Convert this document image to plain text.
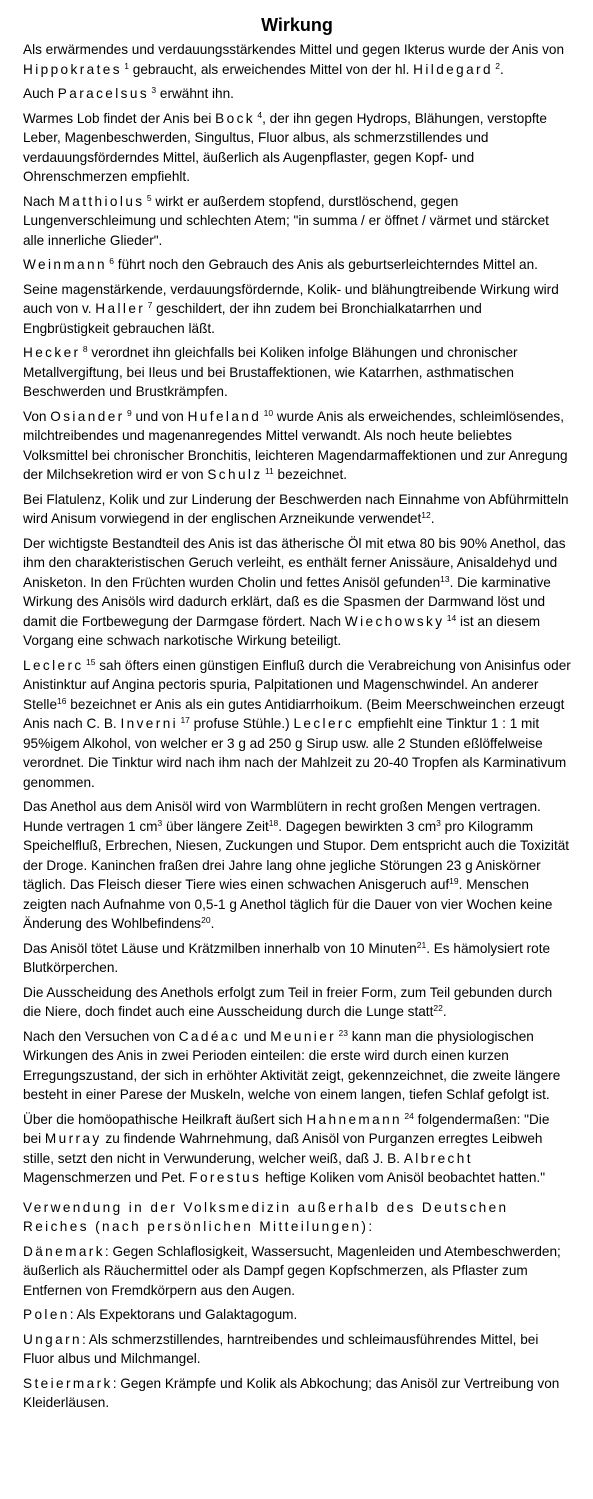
Wirkung

Als erwärmendes und verdauungsstärkendes Mittel und gegen Ikterus wurde der Anis von Hippokrates $^1$ gebraucht, als erweichendes Mittel von der hl. Hildegard $^2$.

Auch Paracelsus $^3$ erwähnt ihn.

Warmes Lob findet der Anis bei Bock $^4$, der ihn gegen Hydrops, Blähungen, verstopfte Leber, Magenbeschwerden, Singultus, Fluor albus, als schmerzstillendes und verdauungsförderndes Mittel, äußerlich als Augenpflaster, gegen Kopf- und Ohrenschmerzen empfiehlt.

Nach Matthiolus $^5$ wirkt er außerdem stopfend, durstlöschend, gegen Lungenverschleimung und schlechten Atem; "in summa / er öffnet / värmet und stärcket alle innerliche Glieder".

Weinmann $^6$ führt noch den Gebrauch des Anis als geburtserleichterndes Mittel an.

Seine magenstärkende, verdauungsfördernde, Kolik- und blähungtreibende Wirkung wird auch von v. Haller $^7$ geschildert, der ihn zudem bei Bronchialkatarrhen und Engbrüstigkeit gebrauchen läßt.

Hecker $^8$ verordnet ihn gleichfalls bei Koliken infolge Blähungen und chronischer Metallvergiftung, bei Ileus und bei Brustaffektionen, wie Katarrhen, asthmatischen Beschwerden und Brustkrämpfen.

Von Osiander $^9$ und von Hufeland $^{10}$ wurde Anis als erweichendes, schleimlösendes, milchtreibendes und magenanregendes Mittel verwandt. Als noch heute beliebtes Volksmittel bei chronischer Bronchitis, leichteren Magendarmaffektionen und zur Anregung der Milchsekretion wird er von Schulz $^{11}$ bezeichnet.

Bei Flatulenz, Kolik und zur Linderung der Beschwerden nach Einnahme von Abführmitteln wird Anisum vorwiegend in der englischen Arzneikunde verwendet$^{12}$.

Der wichtigste Bestandteil des Anis ist das ätherische Öl mit etwa 80 bis 90% Anethol, das ihm den charakteristischen Geruch verleiht, es enthält ferner Anissäure, Anisaldehyd und Anisketon. In den Früchten wurden Cholin und fettes Anisöl gefunden$^{13}$. Die karminative Wirkung des Anisöls wird dadurch erklärt, daß es die Spasmen der Darmwand löst und damit die Fortbewegung der Darmgase fördert. Nach Wiechowsky $^{14}$ ist an diesem Vorgang eine schwach narkotische Wirkung beteiligt.

Leclerc $^{15}$ sah öfters einen günstigen Einfluß durch die Verabreichung von Anisinfus oder Anistinktur auf Angina pectoris spuria, Palpitationen und Magenschwindel. An anderer Stelle$^{16}$ bezeichnet er Anis als ein gutes Antidiarrhoikum. (Beim Meerschweinchen erzeugt Anis nach C. B. Inverni $^{17}$ profuse Stühle.) Leclerc empfiehlt eine Tinktur 1 : 1 mit 95%igem Alkohol, von welcher er 3 g ad 250 g Sirup usw. alle 2 Stunden eßlöffelweise verordnet. Die Tinktur wird nach ihm nach der Mahlzeit zu 20-40 Tropfen als Karminativum genommen.

Das Anethol aus dem Anisöl wird von Warmblütern in recht großen Mengen vertragen. Hunde vertragen 1 $cm^3$ über längere Zeit$^{18}$. Dagegen bewirkten 3 $cm^3$ pro Kilogramm Speichelfluß, Erbrechen, Niesen, Zuckungen und Stupor. Dem entspricht auch die Toxizität der Droge. Kaninchen fraßen drei Jahre lang ohne jegliche Störungen 23 g Aniskörner täglich. Das Fleisch dieser Tiere wies einen schwachen Anisgeruch auf$^{19}$. Menschen zeigten nach Aufnahme von 0,5-1 g Anethol täglich für die Dauer von vier Wochen keine Änderung des Wohlbefindens$^{20}$.

Das Anisöl tötet Läuse und Krätzmilben innerhalb von 10 Minuten$^{21}$. Es hämolysiert rote Blutkörperchen.

Die Ausscheidung des Anethols erfolgt zum Teil in freier Form, zum Teil gebunden durch die Niere, doch findet auch eine Ausscheidung durch die Lunge statt$^{22}$.

Nach den Versuchen von Cadéac und Meunier $^{23}$ kann man die physiologischen Wirkungen des Anis in zwei Perioden einteilen: die erste wird durch einen kurzen Erregungszustand, der sich in erhöhter Aktivität zeigt, gekennzeichnet, die zweite längere besteht in einer Parese der Muskeln, welche von einem langen, tiefen Schlaf gefolgt ist.

Über die homöopathische Heilkraft äußert sich Hahnemann $^{24}$ folgendermaßen: "Die bei Murray zu findende Wahrnehmung, daß Anisöl von Purganzen erregtes Leibweh stille, setzt den nicht in Verwunderung, welcher weiß, daß J. B. Albrecht Magenschmerzen und Pet. Forestus heftige Koliken vom Anisöl beobachtet hatten."

Verwendung in der Volksmedizin außerhalb des Deutschen Reiches (nach persönlichen Mitteilungen):

Dänemark: Gegen Schlaflosigkeit, Wassersucht, Magenleiden und Atembeschwerden; äußerlich als Räuchermittel oder als Dampf gegen Kopfschmerzen, als Pflaster zum Entfernen von Fremdkörpern aus den Augen.

Polen: Als Expektorans und Galaktagogum.

Ungarn: Als schmerzstillendes, harntreibendes und schleimausführendes Mittel, bei Fluor albus und Milchmangel.

Steiermark: Gegen Krämpfe und Kolik als Abkochung; das Anisöl zur Vertreibung von Kleiderläusen.
